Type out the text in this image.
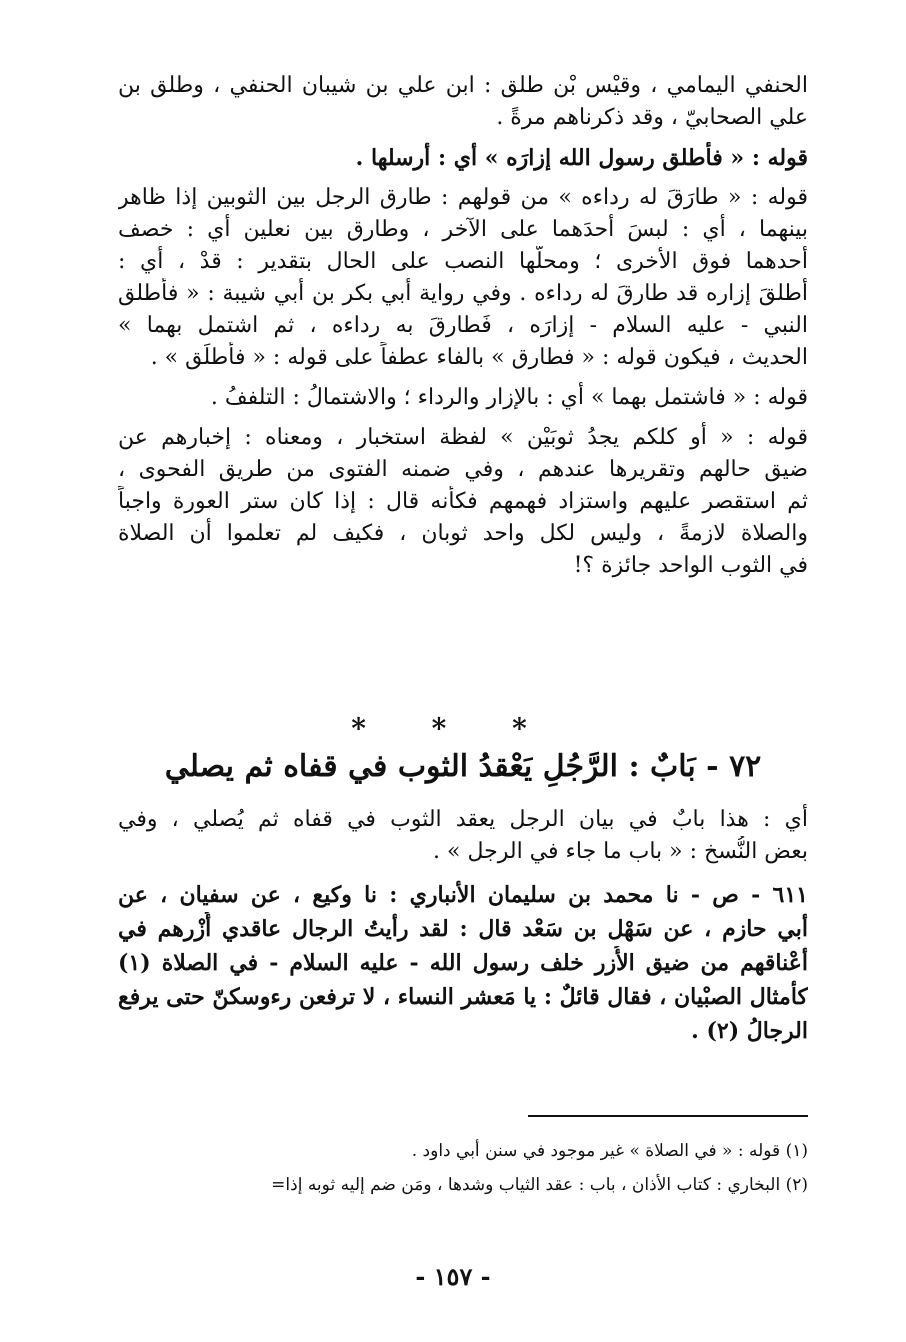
الحنفي اليمامي ، وقيْس بْن طلق : ابن علي بن شيبان الحنفي ، وطلق بن
علي الصحابيّ ، وقد ذكرناهم مرةً .
قوله : « فأطلق رسول الله إزارَه » أي : أرسلها .
قوله : « طارَقَ له رداءه » من قولهم : طارق الرجل بين الثوبين إذا ظاهر
بينهما ، أي : لبسَ أحدَهما على الآخر ، وطارق بين نعلين أي : خصف
أحدهما فوق الأخرى ؛ ومحلّها النصب على الحال بتقدير : قدْ ، أي :
أطلقَ إزاره قد طارقَ له رداءه . وفي رواية أبي بكر بن أبي شيبة : « فأطلق
النبي - عليه السلام - إزارَه ، فَطارقَ به رداءه ، ثم اشتمل بهما »
الحديث ، فيكون قوله : « فطارق » بالفاء عطفاً على قوله : « فأطلَق » .
قوله : « فاشتمل بهما » أي : بالإزار والرداء ؛ والاشتمالُ : التلففُ .
قوله : « أو كلكم يجدُ ثوبَيْن » لفظة استخبار ، ومعناه : إخبارهم عن
ضيق حالهم وتقريرها عندهم ، وفي ضمنه الفتوى من طريق الفحوى ،
ثم استقصر عليهم واستزاد فهمهم فكأنه قال : إذا كان ستر العورة واجباً
والصلاة لازمةً ، وليس لكل واحد ثوبان ، فكيف لم تعلموا أن الصلاة
في الثوب الواحد جائزة ؟!
* * *
٧٢ - بَابٌ : الرَّجُلِ يَعْقدُ الثوب في قفاه ثم يصلي
أي : هذا بابٌ في بيان الرجل يعقد الثوب في قفاه ثم يُصلي ، وفي
بعض النُّسخ : « باب ما جاء في الرجل » .
٦١١ - ص - نا محمد بن سليمان الأنباري : نا وكيع ، عن سفيان ، عن
أبي حازم ، عن سَهْل بن سَعْد قال : لقد رأيتُ الرجال عاقدي أُزْرهم في
أعْناقهم من ضيق الأُزر خلف رسول الله - عليه السلام - في الصلاة (١)
كأمثال الصبْيان ، فقال قائلٌ : يا مَعشر النساء ، لا ترفعن رءوسكنّ حتى يرفع
الرجالُ (٢) .
(١) قوله : « في الصلاة » غير موجود في سنن أبي داود .
(٢) البخاري : كتاب الأذان ، باب : عقد الثياب وشدها ، ومَن ضم إليه ثوبه إذا=
- ١٥٧ -
